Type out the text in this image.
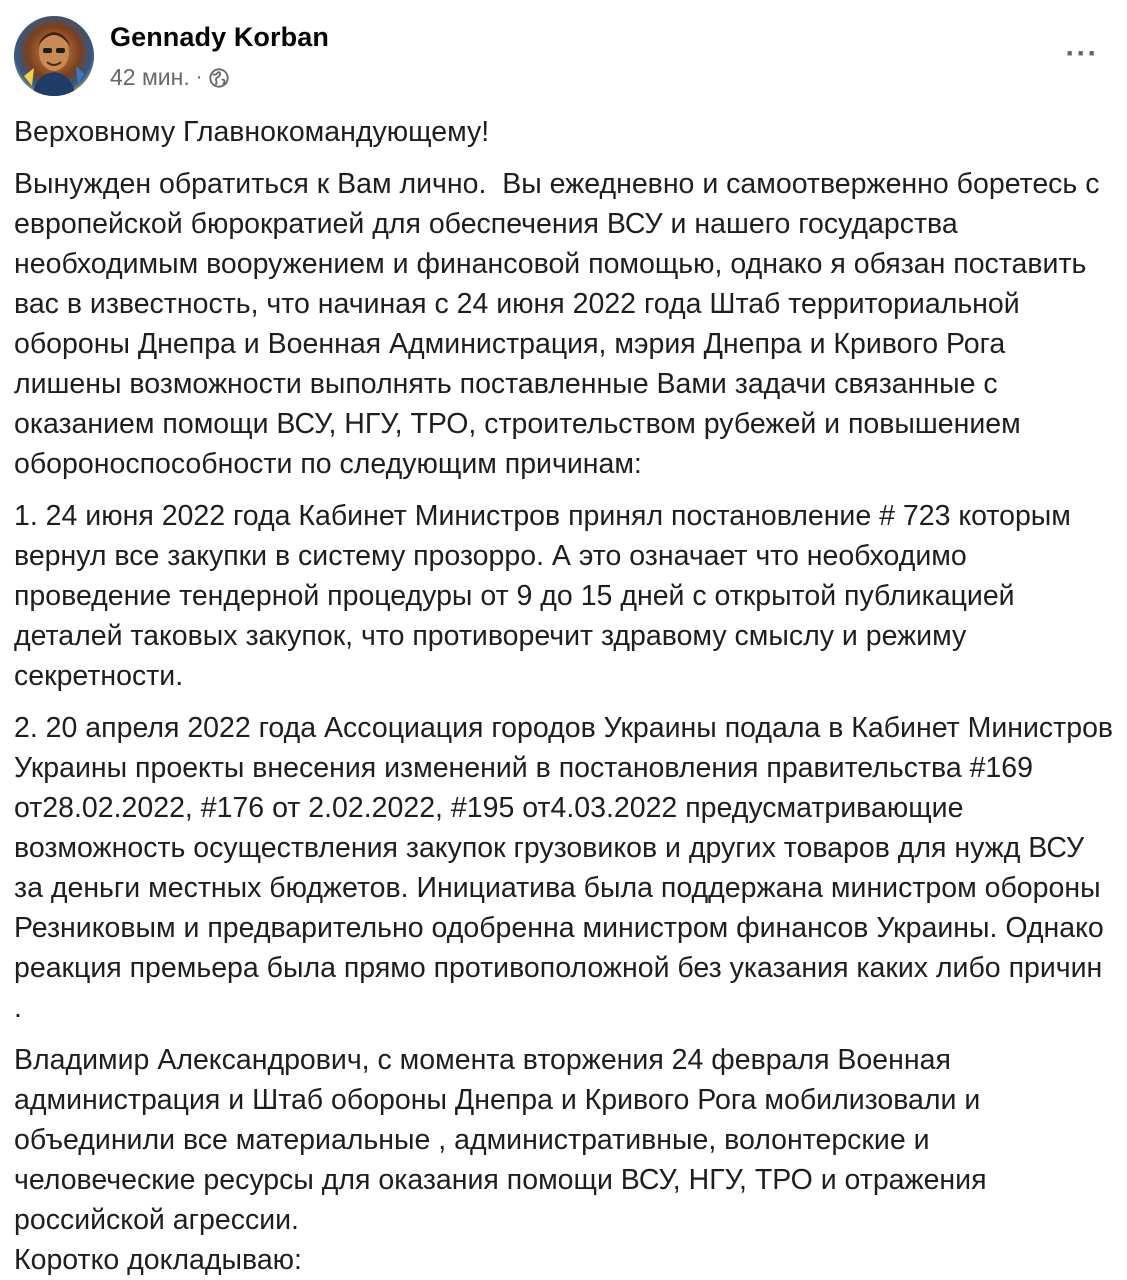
Gennady Korban
42 мин. ·
···

Верховному Главнокомандующему!

Вынужден обратиться к Вам лично.  Вы ежедневно и самоотверженно боретесь с европейской бюрократией для обеспечения ВСУ и нашего государства необходимым вооружением и финансовой помощью, однако я обязан поставить вас в известность, что начиная с 24 июня 2022 года Штаб территориальной обороны Днепра и Военная Администрация, мэрия Днепра и Кривого Рога лишены возможности выполнять поставленные Вами задачи связанные с оказанием помощи ВСУ, НГУ, ТРО, строительством рубежей и повышением обороноспособности по следующим причинам:

1. 24 июня 2022 года Кабинет Министров принял постановление # 723 которым вернул все закупки в систему прозорро. А это означает что необходимо проведение тендерной процедуры от 9 до 15 дней с открытой публикацией деталей таковых закупок, что противоречит здравому смыслу и режиму секретности.

2. 20 апреля 2022 года Ассоциация городов Украины подала в Кабинет Министров Украины проекты внесения изменений в постановления правительства #169 от28.02.2022, #176 от 2.02.2022, #195 от4.03.2022 предусматривающие возможность осуществления закупок грузовиков и других товаров для нужд ВСУ за деньги местных бюджетов. Инициатива была поддержана министром обороны Резниковым и предварительно одобренна министром финансов Украины. Однако реакция премьера была прямо противоположной без указания каких либо причин .

Владимир Александрович, с момента вторжения 24 февраля Военная администрация и Штаб обороны Днепра и Кривого Рога мобилизовали и объединили все материальные , административные, волонтерские и человеческие ресурсы для оказания помощи ВСУ, НГУ, ТРО и отражения российской агрессии.

Коротко докладываю:
